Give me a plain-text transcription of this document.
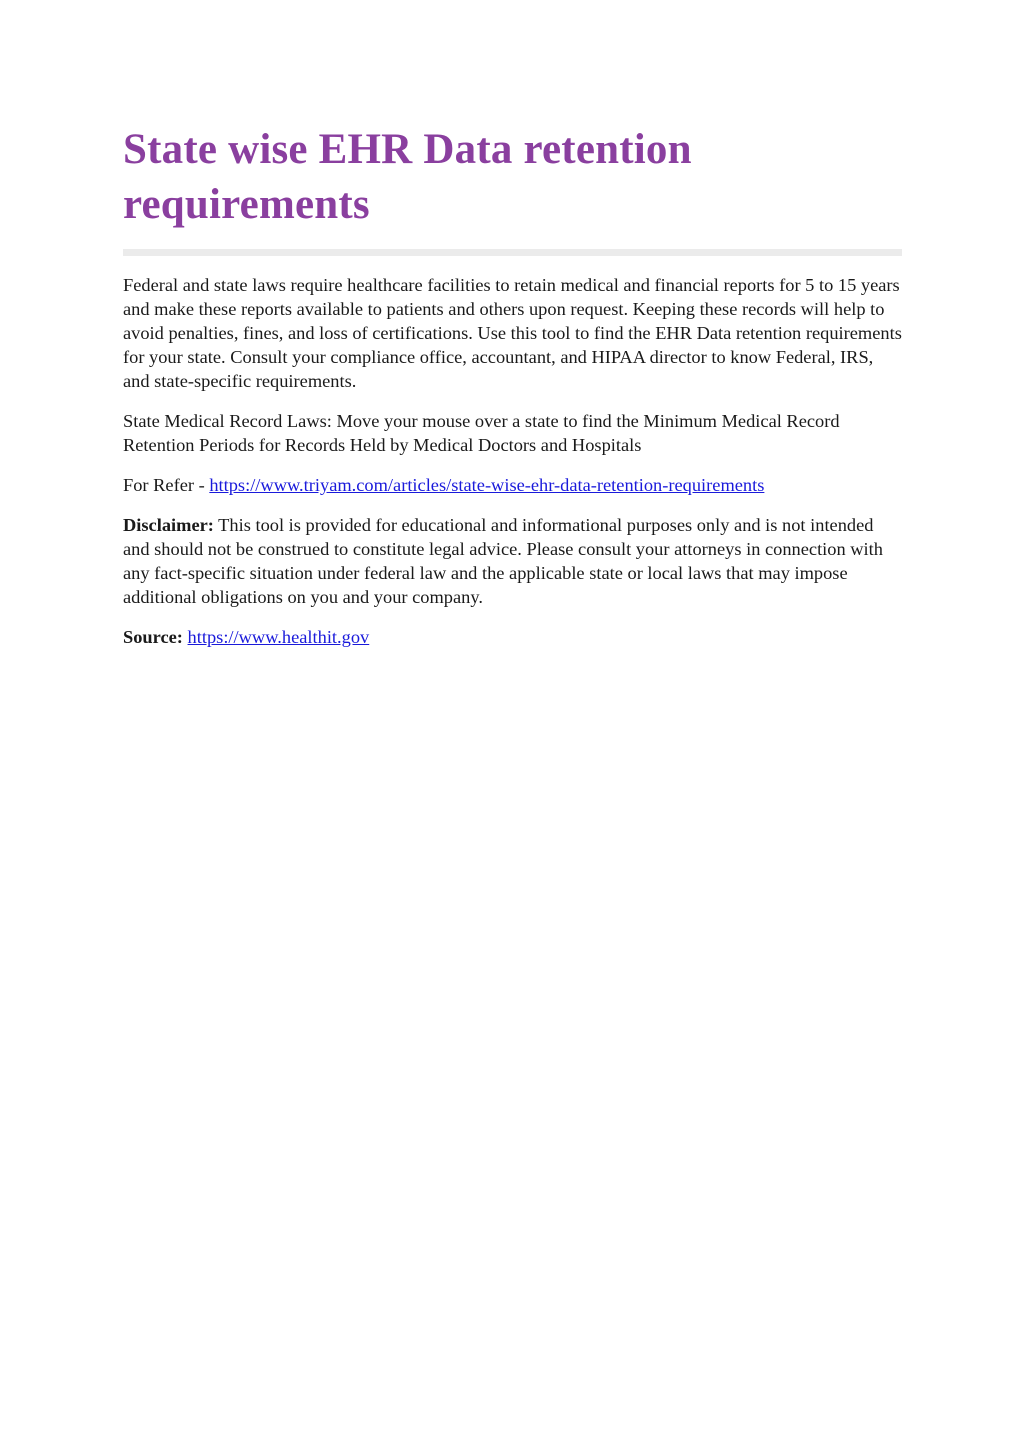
State wise EHR Data retention requirements

Federal and state laws require healthcare facilities to retain medical and financial reports for 5 to 15 years and make these reports available to patients and others upon request. Keeping these records will help to avoid penalties, fines, and loss of certifications. Use this tool to find the EHR Data retention requirements for your state. Consult your compliance office, accountant, and HIPAA director to know Federal, IRS, and state-specific requirements.

State Medical Record Laws: Move your mouse over a state to find the Minimum Medical Record Retention Periods for Records Held by Medical Doctors and Hospitals

For Refer - https://www.triyam.com/articles/state-wise-ehr-data-retention-requirements

Disclaimer: This tool is provided for educational and informational purposes only and is not intended and should not be construed to constitute legal advice. Please consult your attorneys in connection with any fact-specific situation under federal law and the applicable state or local laws that may impose additional obligations on you and your company.

Source: https://www.healthit.gov
